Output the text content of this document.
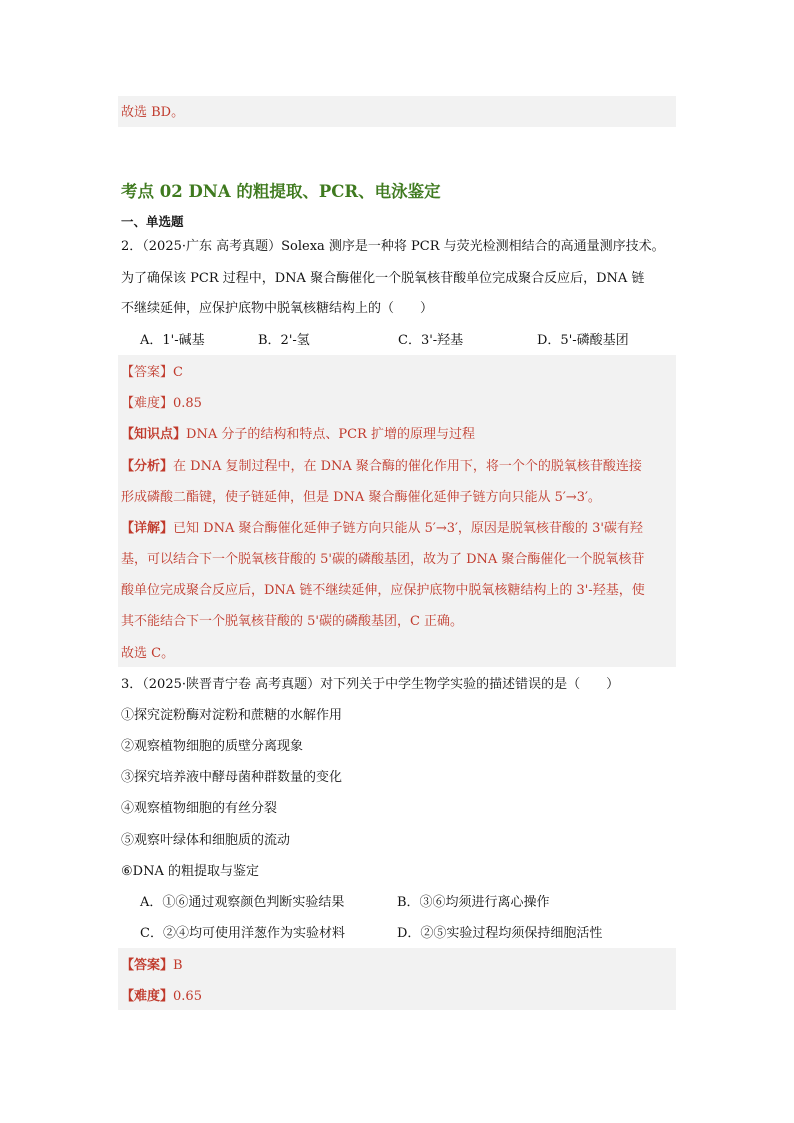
故选 BD。
考点 02 DNA 的粗提取、PCR、电泳鉴定
一、单选题
2．（2025·广东 高考真题）Solexa 测序是一种将 PCR 与荧光检测相结合的高通量测序技术。
为了确保该 PCR 过程中，DNA 聚合酶催化一个脱氧核苷酸单位完成聚合反应后，DNA 链
不继续延伸，应保护底物中脱氧核糖结构上的（　　）
A．1'-碱基	B．2'-氢	C．3'-羟基	D．5'-磷酸基团
【答案】C
【难度】0.85
【知识点】DNA 分子的结构和特点、PCR 扩增的原理与过程
【分析】在 DNA 复制过程中，在 DNA 聚合酶的催化作用下，将一个个的脱氧核苷酸连接
形成磷酸二酯键，使子链延伸，但是 DNA 聚合酶催化延伸子链方向只能从 5′→3′。
【详解】已知 DNA 聚合酶催化延伸子链方向只能从 5′→3′，原因是脱氧核苷酸的 3'碳有羟
基，可以结合下一个脱氧核苷酸的 5'碳的磷酸基团，故为了 DNA 聚合酶催化一个脱氧核苷
酸单位完成聚合反应后，DNA 链不继续延伸，应保护底物中脱氧核糖结构上的 3'-羟基，使
其不能结合下一个脱氧核苷酸的 5'碳的磷酸基团，C 正确。
故选 C。
3．（2025·陕晋青宁卷 高考真题）对下列关于中学生物学实验的描述错误的是（　　）
①探究淀粉酶对淀粉和蔗糖的水解作用
②观察植物细胞的质壁分离现象
③探究培养液中酵母菌种群数量的变化
④观察植物细胞的有丝分裂
⑤观察叶绿体和细胞质的流动
⑥DNA 的粗提取与鉴定
A．①⑥通过观察颜色判断实验结果	B．③⑥均须进行离心操作
C．②④均可使用洋葱作为实验材料	D．②⑤实验过程均须保持细胞活性
【答案】B
【难度】0.65
